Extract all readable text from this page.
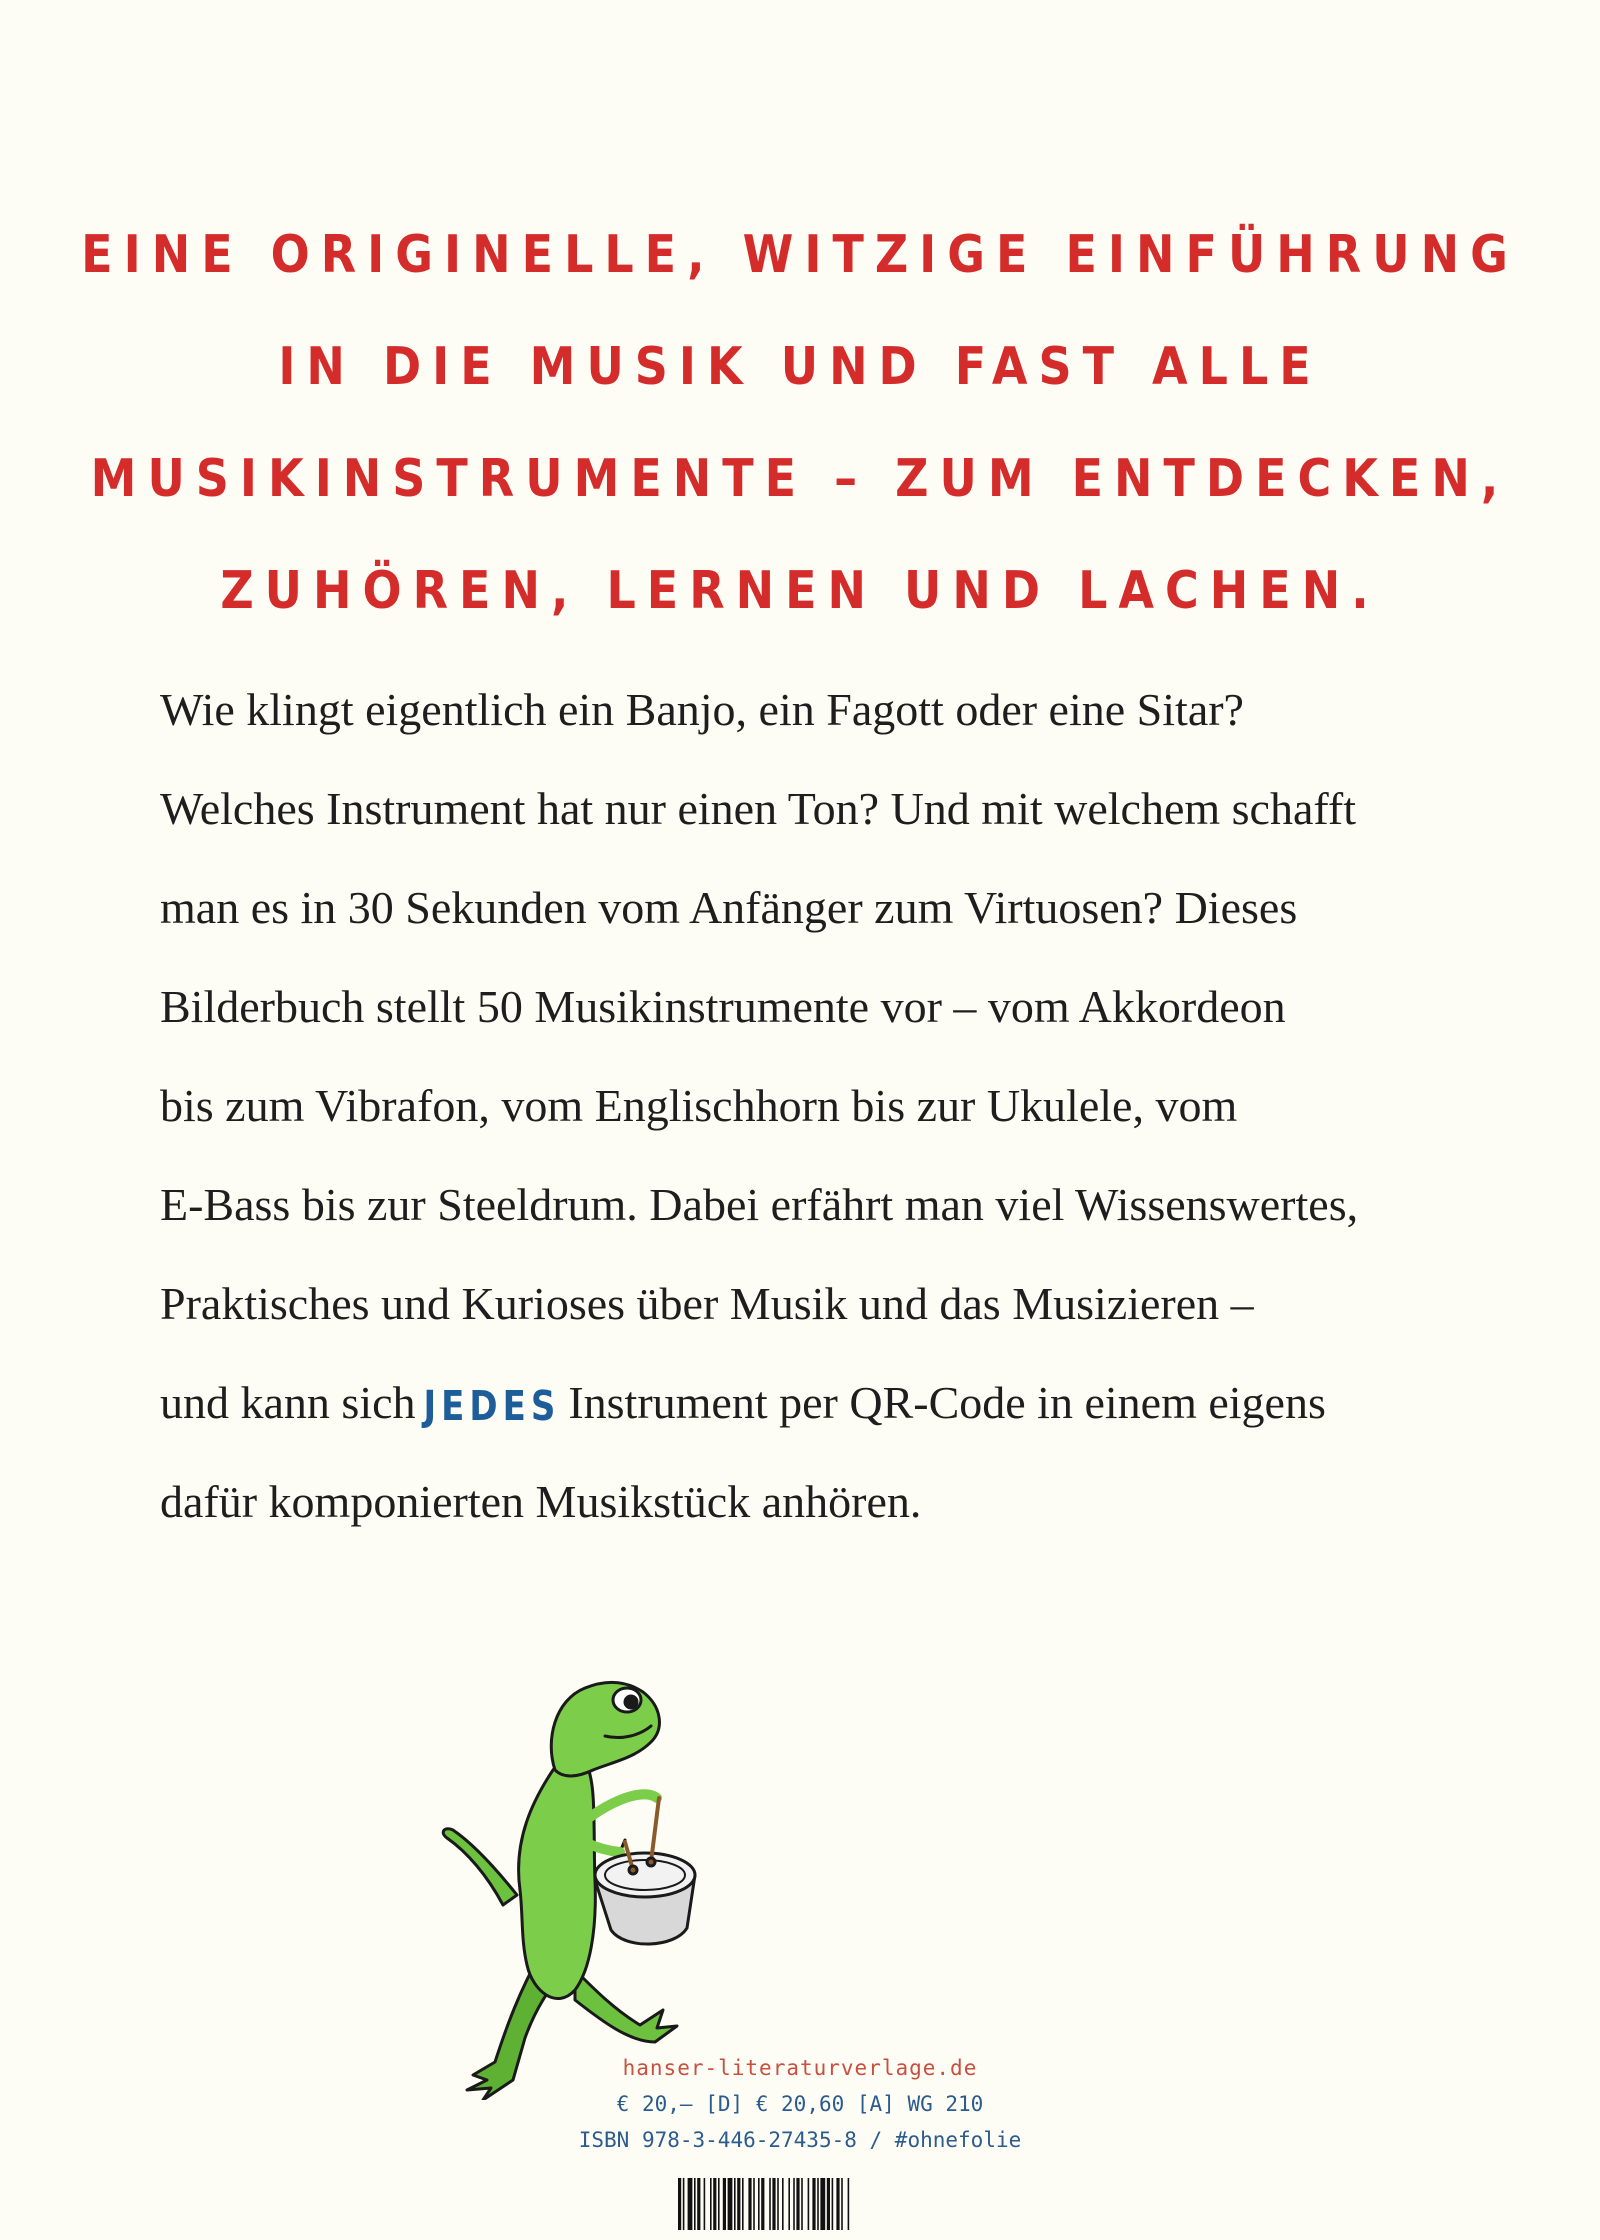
EINE ORIGINELLE, WITZIGE EINFÜHRUNG
IN DIE MUSIK UND FAST ALLE
MUSIKINSTRUMENTE – ZUM ENTDECKEN,
ZUHÖREN, LERNEN UND LACHEN.
Wie klingt eigentlich ein Banjo, ein Fagott oder eine Sitar?
Welches Instrument hat nur einen Ton? Und mit welchem schafft
man es in 30 Sekunden vom Anfänger zum Virtuosen? Dieses
Bilderbuch stellt 50 Musikinstrumente vor – vom Akkordeon
bis zum Vibrafon, vom Englischhorn bis zur Ukulele, vom
E-Bass bis zur Steeldrum. Dabei erfährt man viel Wissenswertes,
Praktisches und Kurioses über Musik und das Musizieren –
und kann sich JEDES Instrument per QR-Code in einem eigens
dafür komponierten Musikstück anhören.
hanser-literaturverlage.de
€ 20,– [D] € 20,60 [A] WG 210
ISBN 978-3-446-27435-8 / #ohnefolie
